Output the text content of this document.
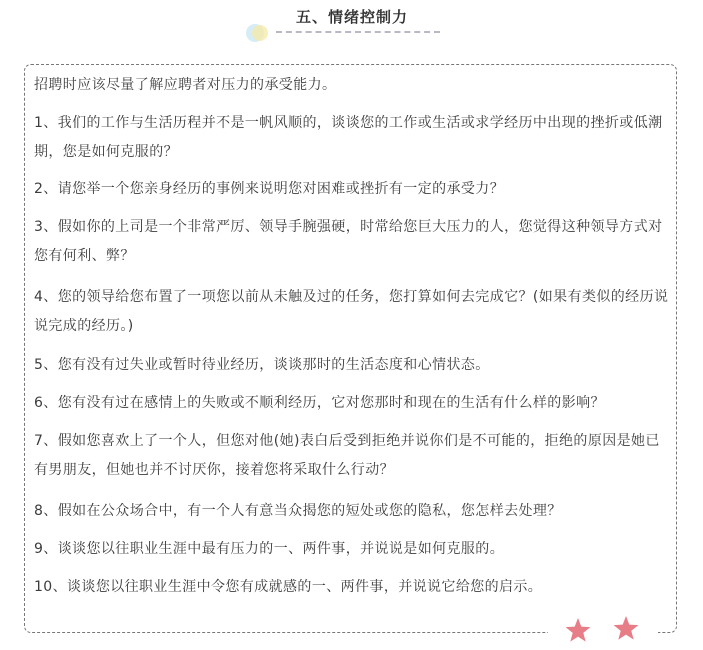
五、情绪控制力

招聘时应该尽量了解应聘者对压力的承受能力。

1、我们的工作与生活历程并不是一帆风顺的，谈谈您的工作或生活或求学经历中出现的挫折或低潮期，您是如何克服的？

2、请您举一个您亲身经历的事例来说明您对困难或挫折有一定的承受力？

3、假如你的上司是一个非常严厉、领导手腕强硬，时常给您巨大压力的人，您觉得这种领导方式对您有何利、弊？

4、您的领导给您布置了一项您以前从未触及过的任务，您打算如何去完成它？(如果有类似的经历说说完成的经历。)

5、您有没有过失业或暂时待业经历，谈谈那时的生活态度和心情状态。

6、您有没有过在感情上的失败或不顺利经历，它对您那时和现在的生活有什么样的影响？

7、假如您喜欢上了一个人，但您对他(她)表白后受到拒绝并说你们是不可能的，拒绝的原因是她已有男朋友，但她也并不讨厌你，接着您将采取什么行动？

8、假如在公众场合中，有一个人有意当众揭您的短处或您的隐私，您怎样去处理？

9、谈谈您以往职业生涯中最有压力的一、两件事，并说说是如何克服的。

10、谈谈您以往职业生涯中令您有成就感的一、两件事，并说说它给您的启示。
